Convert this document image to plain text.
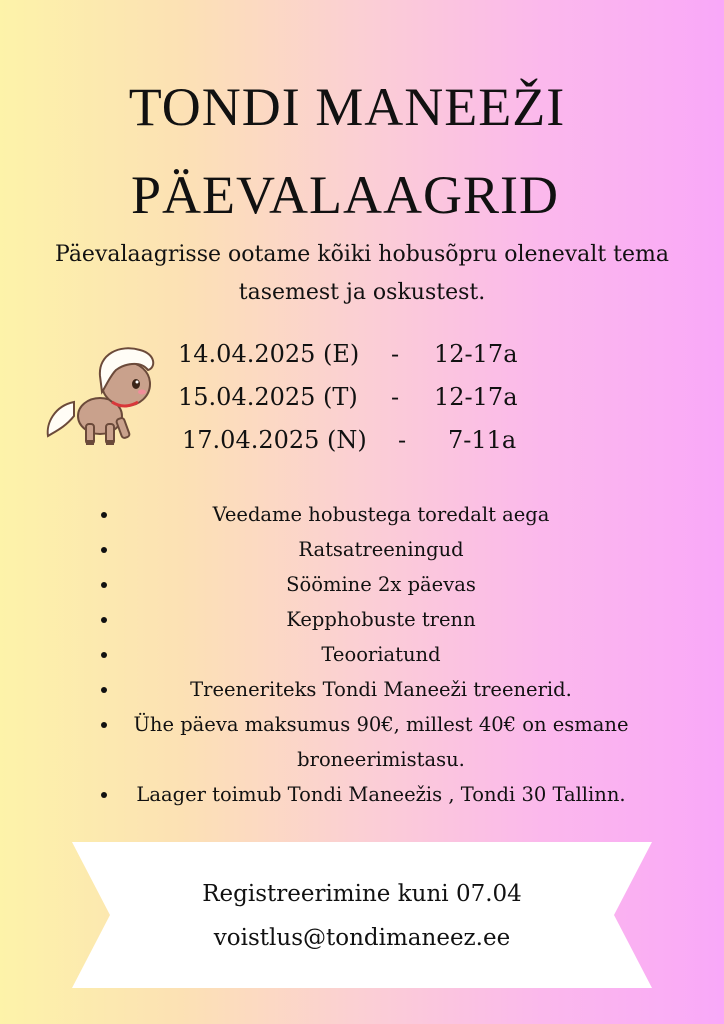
TONDI MANEEŽI
PÄEVALAAGRID
Päevalaagrisse ootame kõiki hobusõpru olenevalt tema tasemest ja oskustest.
14.04.2025 (E) - 12-17a
15.04.2025 (T) - 12-17a
17.04.2025 (N) - 7-11a
Veedame hobustega toredalt aega
Ratsatreeningud
Söömine 2x päevas
Kepphobuste trenn
Teooriatund
Treeneriteks Tondi Maneeži treenerid.
Ühe päeva maksumus 90€, millest 40€ on esmane broneerimistasu.
Laager toimub Tondi Maneežis , Tondi 30 Tallinn.
Registreerimine kuni 07.04
voistlus@tondimaneez.ee
